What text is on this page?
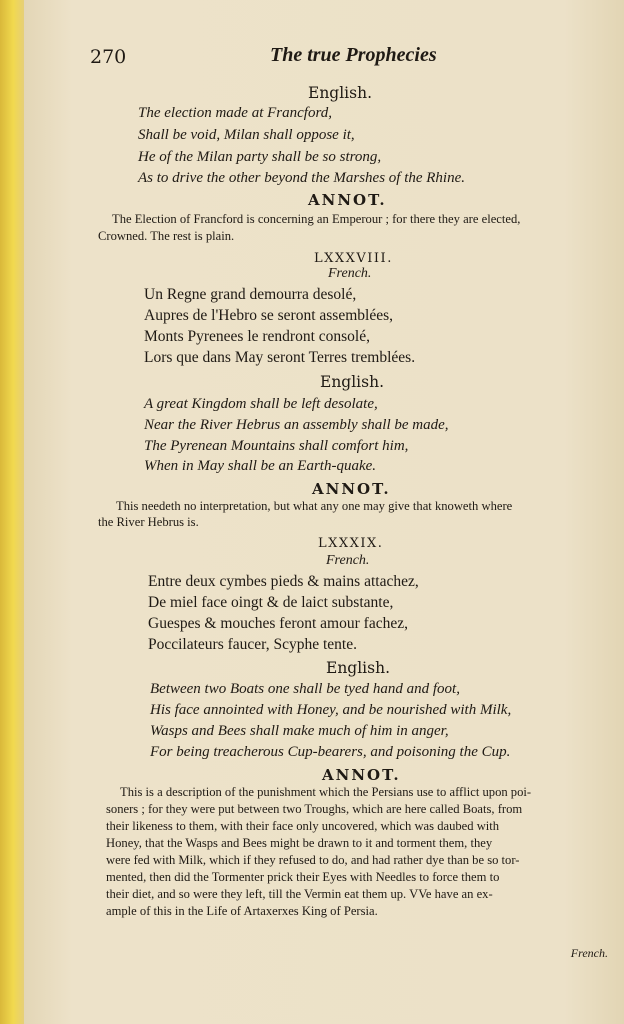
270	The true Prophecies
English.
The election made at Francford,
Shall be void, Milan shall oppose it,
He of the Milan party shall be so strong,
As to drive the other beyond the Marshes of the Rhine.
ANNOT.
The Election of Francford is concerning an Emperour ; for there they are elected,
Crowned. The rest is plain.
LXXXVIII.
French.
Un Regne grand demourra desolé,
Aupres de l'Hebro se seront assemblées,
Monts Pyrenees le rendront consolé,
Lors que dans May seront Terres tremblées.
English.
A great Kingdom shall be left desolate,
Near the River Hebrus an assembly shall be made,
The Pyrenean Mountains shall comfort him,
When in May shall be an Earth-quake.
ANNOT.
This needeth no interpretation, but what any one may give that knoweth where
the River Hebrus is.
LXXXIX.
French.
Entre deux cymbes pieds & mains attachez,
De miel face oingt & de laict substante,
Guespes & mouches feront amour fachez,
Poccilateurs faucer, Scyphe tente.
English.
Between two Boats one shall be tyed hand and foot,
His face annointed with Honey, and be nourished with Milk,
Wasps and Bees shall make much of him in anger,
For being treacherous Cup-bearers, and poisoning the Cup.
ANNOT.
This is a description of the punishment which the Persians use to afflict upon poi-
soners ; for they were put between two Troughs, which are here called Boats, from
their likeness to them, with their face only uncovered, which was daubed with
Honey, that the Wasps and Bees might be drawn to it and torment them, they
were fed with Milk, which if they refused to do, and had rather dye than be so tor-
mented, then did the Tormenter prick their Eyes with Needles to force them to
their diet, and so were they left, till the Vermin eat them up. VVe have an ex-
ample of this in the Life of Artaxerxes King of Persia.
French.
